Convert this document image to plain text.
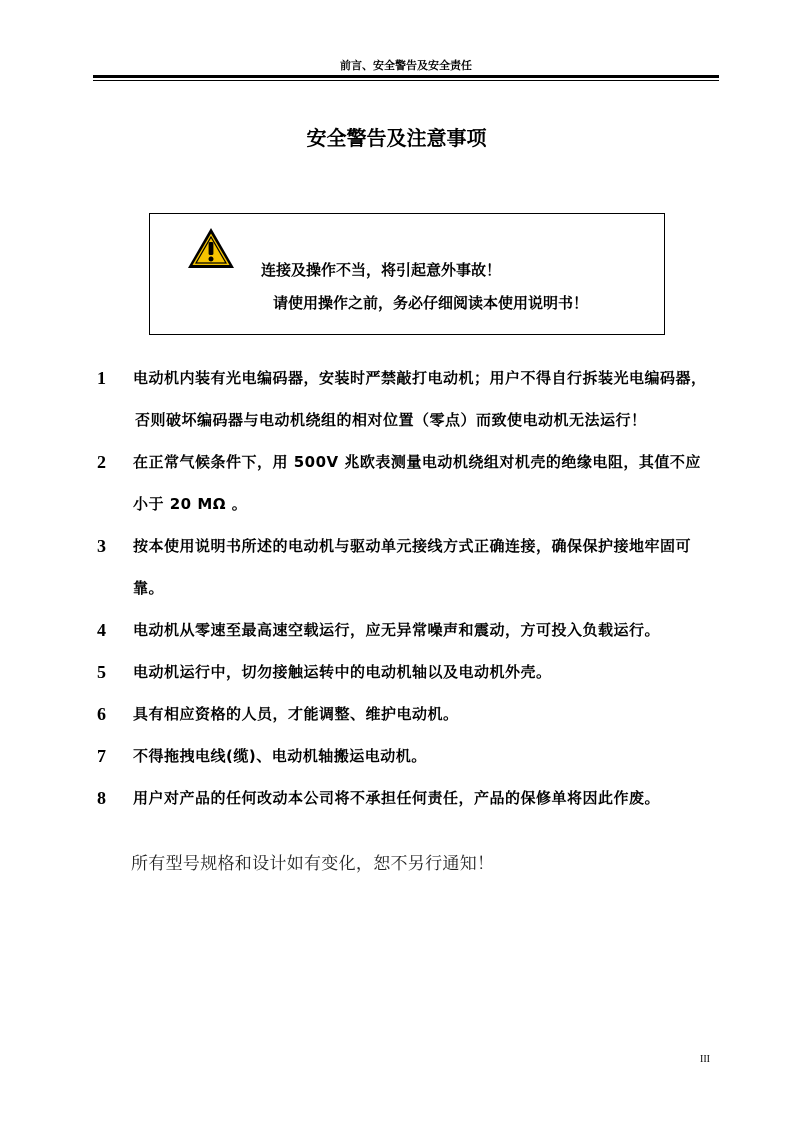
前言、安全警告及安全责任
安全警告及注意事项
连接及操作不当，将引起意外事故！
请使用操作之前，务必仔细阅读本使用说明书！
1 电动机内装有光电编码器，安装时严禁敲打电动机；用户不得自行拆装光电编码器，
否则破坏编码器与电动机绕组的相对位置（零点）而致使电动机无法运行！
2 在正常气候条件下，用 500V 兆欧表测量电动机绕组对机壳的绝缘电阻，其值不应
小于 20 MΩ 。
3 按本使用说明书所述的电动机与驱动单元接线方式正确连接，确保保护接地牢固可
靠。
4 电动机从零速至最高速空载运行，应无异常噪声和震动，方可投入负载运行。
5 电动机运行中，切勿接触运转中的电动机轴以及电动机外壳。
6 具有相应资格的人员，才能调整、维护电动机。
7 不得拖拽电线(缆)、电动机轴搬运电动机。
8 用户对产品的任何改动本公司将不承担任何责任，产品的保修单将因此作废。
所有型号规格和设计如有变化，恕不另行通知！
III
